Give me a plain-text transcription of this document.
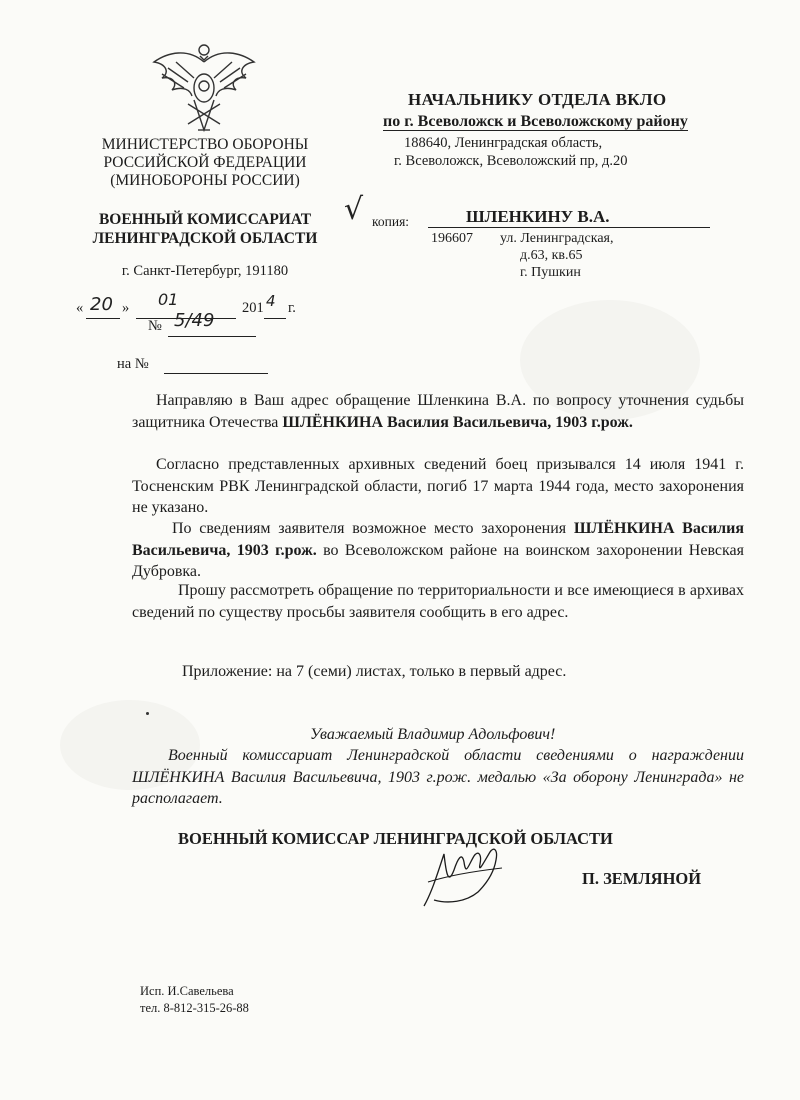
МИНИСТЕРСТВО ОБОРОНЫ
РОССИЙСКОЙ ФЕДЕРАЦИИ
(МИНОБОРОНЫ РОССИИ)
ВОЕННЫЙ КОМИССАРИАТ
ЛЕНИНГРАДСКОЙ ОБЛАСТИ
г. Санкт-Петербург, 191180
« 20 » 01	201 4 г.
№ 5/49
на №
НАЧАЛЬНИКУ ОТДЕЛА ВКЛО
по г. Всеволожск и Всеволожскому району
188640, Ленинградская область,
г. Всеволожск, Всеволожский пр, д.20
√ копия:	ШЛЕНКИНУ В.А.
196607 ул. Ленинградская,
д.63, кв.65
г. Пушкин
Направляю в Ваш адрес обращение Шленкина В.А. по вопросу уточнения судьбы защитника Отечества ШЛЁНКИНА Василия Васильевича, 1903 г.рож.
Согласно представленных архивных сведений боец призывался 14 июля 1941 г. Тосненским РВК Ленинградской области, погиб 17 марта 1944 года, место захоронения не указано.
По сведениям заявителя возможное место захоронения ШЛЁНКИНА Василия Васильевича, 1903 г.рож. во Всеволожском районе на воинском захоронении Невская Дубровка.
Прошу рассмотреть обращение по территориальности и все имеющиеся в архивах сведений по существу просьбы заявителя сообщить в его адрес.
Приложение: на 7 (семи) листах, только в первый адрес.
Уважаемый Владимир Адольфович!
Военный комиссариат Ленинградской области сведениями о награждении ШЛЁНКИНА Василия Васильевича, 1903 г.рож. медалью «За оборону Ленинграда» не располагает.
ВОЕННЫЙ КОМИССАР ЛЕНИНГРАДСКОЙ ОБЛАСТИ
П. ЗЕМЛЯНОЙ
Исп. И.Савельева
тел. 8-812-315-26-88
